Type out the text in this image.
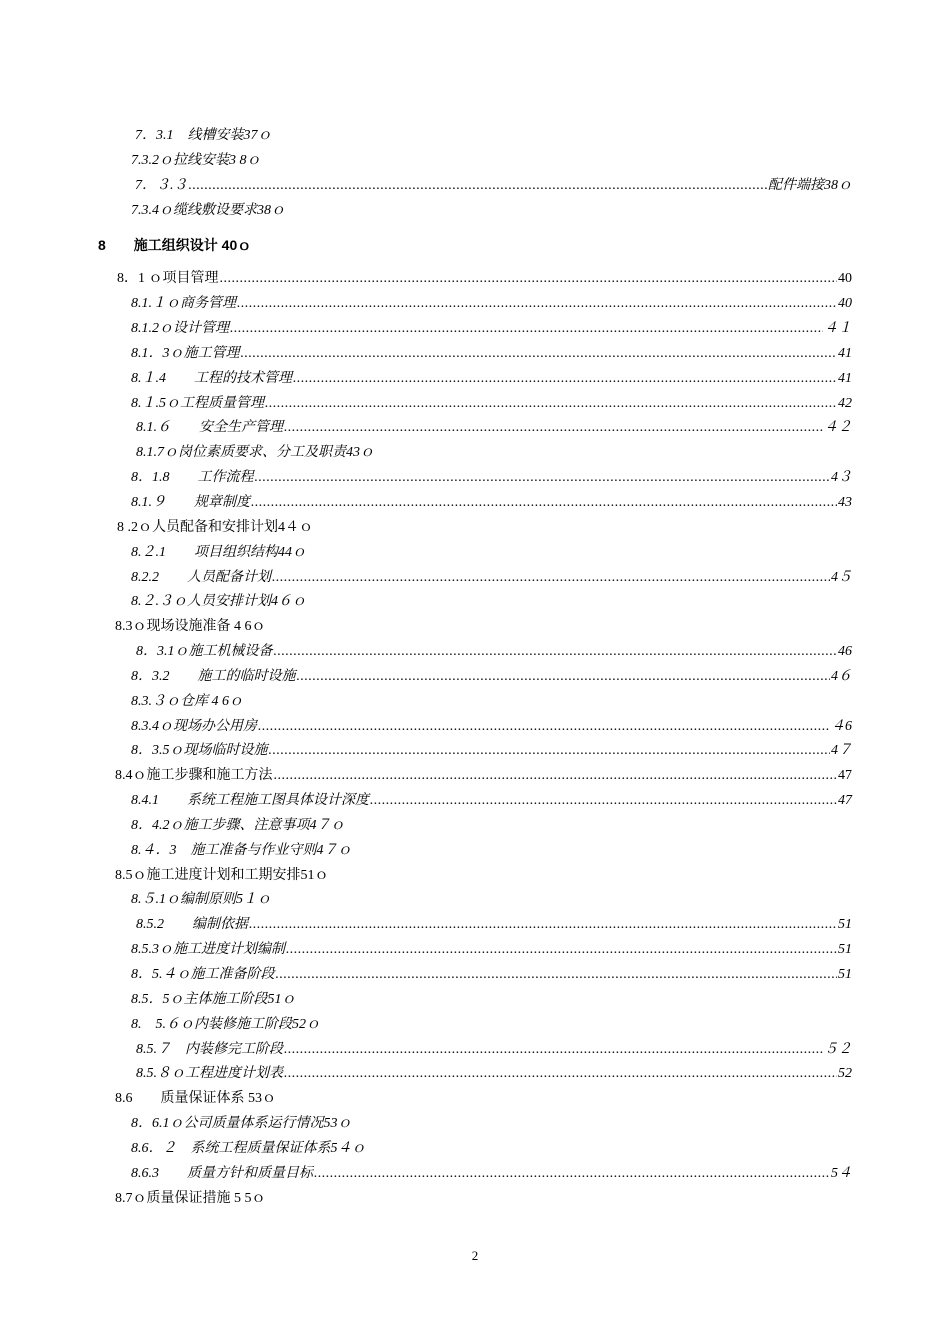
7．3.1　线槽安装37ｏ
7.3.2ｏ拉线安装3 8ｏ
7．３.３ .....	配件端接38ｏ
7.3.4ｏ缆线敷设要求38ｏ
8　　施工组织设计 40ｏ
8．1 ｏ项目管理 .....	40
8.1.１ｏ商务管理 .....	40
8.1.2ｏ设计管理 .....	４１
8.1．3ｏ施工管理 .....	41
8.１.4　　工程的技术管理 .....	41
8.１.5ｏ工程质量管理 .....	42
8.1.６　　安全生产管理 .....	４２
8.1.7ｏ岗位素质要求、分工及职责43ｏ
8．1.8　　工作流程 .....	4３
8.1.９　　规章制度 .....	43
8 .2ｏ人员配备和安排计划4４ｏ
8.２.1　　项目组织结构44ｏ
8.2.2　　人员配备计划 .....	4５
8.２.３ｏ人员安排计划4６ｏ
8.3ｏ现场设施准备 4 6ｏ
8．3.1ｏ施工机械设备 .....	46
8．3.2　　施工的临时设施 .....	4６
8.3.３ｏ仓库 4 6ｏ
8.3.4ｏ现场办公用房 .....	４6
8．3.5ｏ现场临时设施 .....	4７
8.4ｏ施工步骤和施工方法 .....	47
8.4.1　　系统工程施工图具体设计深度 .....	47
8．4.2ｏ施工步骤、注意事项4７ｏ
8.４．3　施工准备与作业守则4７ｏ
8.5ｏ施工进度计划和工期安排51ｏ
8.５.1ｏ编制原则5１ｏ
8.5.2　　编制依据 .....	51
8.5.3ｏ施工进度计划编制 .....	51
8．5.４ｏ施工准备阶段 .....	51
8.5．5ｏ主体施工阶段51ｏ
8.　5.６ｏ内装修施工阶段52ｏ
8.5.７　内装修完工阶段 .....	５２
8.5.８ｏ工程进度计划表 .....	52
8.6　　质量保证体系 53ｏ
8．6.1ｏ公司质量体系运行情况53ｏ
8.6．２　系统工程质量保证体系5４ｏ
8.6.3　　质量方针和质量目标 .....	5４
8.7ｏ质量保证措施 5 5ｏ
2
